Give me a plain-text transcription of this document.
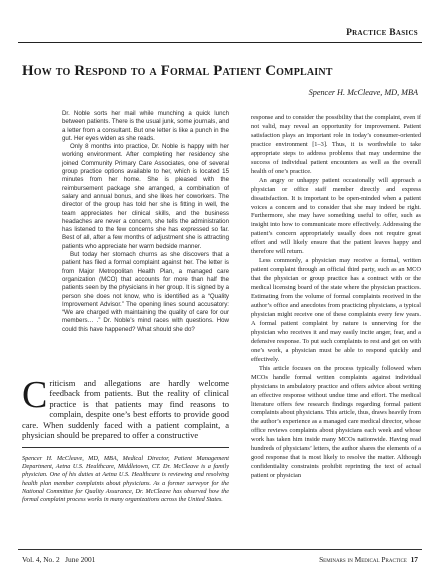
Practice Basics
How to Respond to a Formal Patient Complaint
Spencer H. McCleave, MD, MBA

Dr. Noble sorts her mail while munching a quick lunch between patients. There is the usual junk, some journals, and a letter from a consultant. But one letter is like a punch in the gut. Her eyes widen as she reads.

Only 8 months into practice, Dr. Noble is happy with her working environment. After completing her residency she joined Community Primary Care Associates, one of several group practice options available to her, which is located 15 minutes from her home. She is pleased with the reimbursement package she arranged, a combination of salary and annual bonus, and she likes her coworkers. The director of the group has told her she is fitting in well, the team appreciates her clinical skills, and the business headaches are never a concern, she tells the administration has listened to the few concerns she has expressed so far. Best of all, after a few months of adjustment she is attracting patients who appreciate her warm bedside manner.

But today her stomach churns as she discovers that a patient has filed a formal complaint against her. The letter is from Major Metropolitan Health Plan, a managed care organization (MCO) that accounts for more than half the patients seen by the physicians in her group. It is signed by a person she does not know, who is identified as a “Quality Improvement Advisor.” The opening lines sound accusatory: “We are charged with maintaining the quality of care for our members… .” Dr. Noble’s mind races with questions. How could this have happened? What should she do?

Criticism and allegations are hardly welcome feedback from patients. But the reality of clinical practice is that patients may find reasons to complain, despite one’s best efforts to provide good care. When suddenly faced with a patient complaint, a physician should be prepared to offer a constructive
Spencer H. McCleave, MD, MBA, Medical Director, Patient Management Department, Aetna U.S. Healthcare, Middletown, CT. Dr. McCleave is a family physician. One of his duties at Aetna U.S. Healthcare is reviewing and resolving health plan member complaints about physicians. As a former surveyor for the National Committee for Quality Assurance, Dr. McCleave has observed how the formal complaint process works in many organizations across the United States.

response and to consider the possibility that the complaint, even if not valid, may reveal an opportunity for improvement. Patient satisfaction plays an important role in today’s consumer-oriented practice environment [1–3]. Thus, it is worthwhile to take appropriate steps to address problems that may undermine the success of individual patient encounters as well as the overall health of one’s practice.

An angry or unhappy patient occasionally will approach a physician or office staff member directly and express dissatisfaction. It is important to be open-minded when a patient voices a concern and to consider that she may indeed be right. Furthermore, she may have something useful to offer, such as insight into how to communicate more effectively. Addressing the patient’s concern appropriately usually does not require great effort and will likely ensure that the patient leaves happy and therefore will return.

Less commonly, a physician may receive a formal, written patient complaint through an official third party, such as an MCO that the physician or group practice has a contract with or the medical licensing board of the state where the physician practices. Estimating from the volume of formal complaints received in the author’s office and anecdotes from practicing physicians, a typical physician might receive one of these complaints every few years. A formal patient complaint by nature is unnerving for the physician who receives it and may easily incite anger, fear, and a defensive response. To put such complaints to rest and get on with one’s work, a physician must be able to respond quickly and effectively.

This article focuses on the process typically followed when MCOs handle formal written complaints against individual physicians in ambulatory practice and offers advice about writing an effective response without undue time and effort. The medical literature offers few research findings regarding formal patient complaints about physicians. This article, thus, draws heavily from the author’s experience as a managed care medical director, whose office reviews complaints about physicians each week and whose work has taken him inside many MCOs nationwide. Having read hundreds of physicians’ letters, the author shares the elements of a good response that is most likely to resolve the matter. Although confidentiality constraints prohibit reprinting the text of actual patient or physician

Vol. 4, No. 2   June 2001	Seminars in Medical Practice 17
